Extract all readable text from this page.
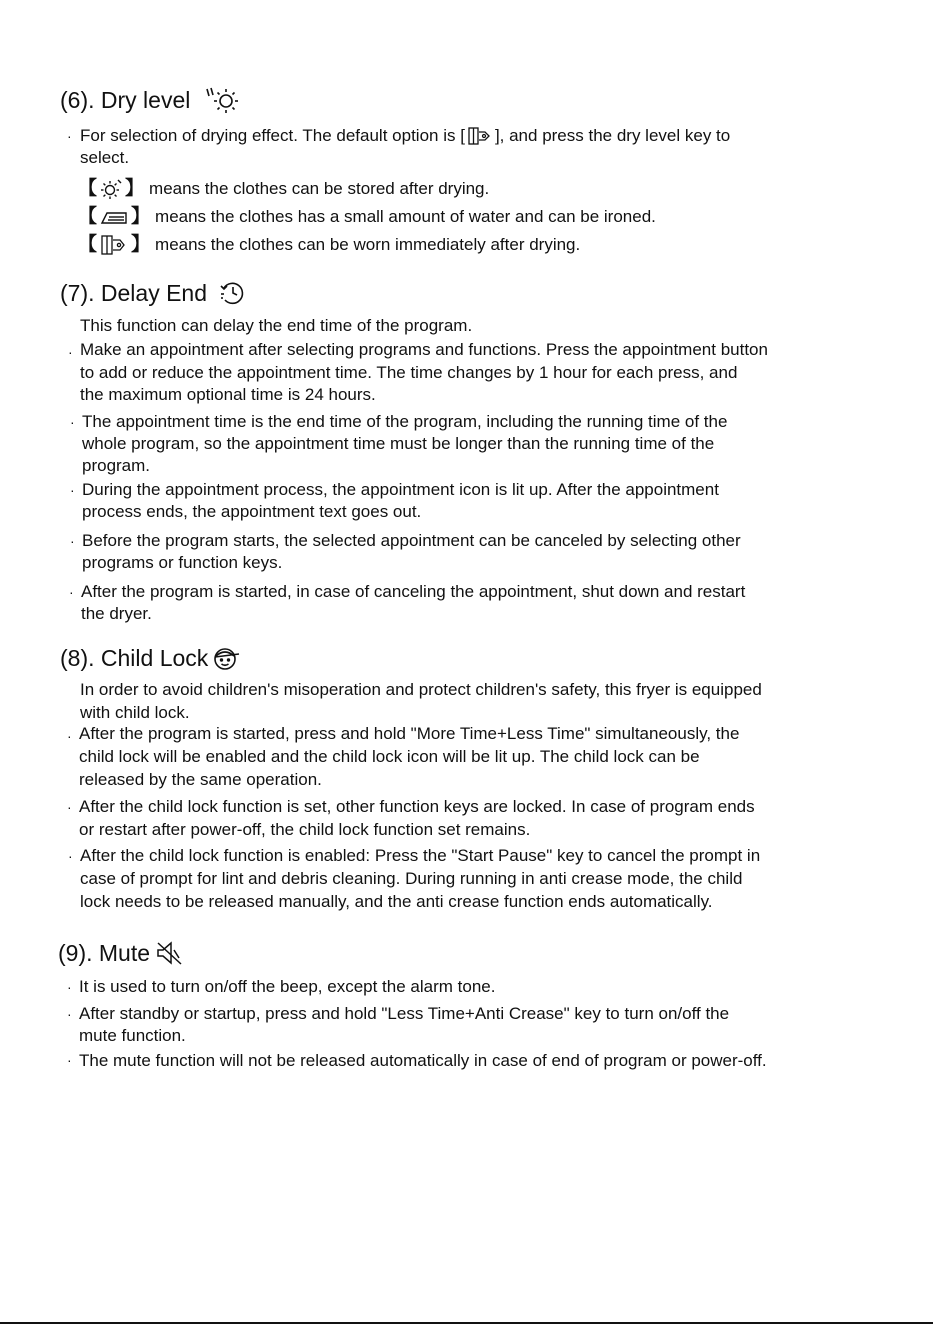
(6). Dry level
· For selection of drying effect. The default option is [ ], and press the dry level key to
select.
【 】 means the clothes can be stored after drying.
【 】 means the clothes has a small amount of water and can be ironed.
【 】 means the clothes can be worn immediately after drying.
(7). Delay End
This function can delay the end time of the program.
· Make an appointment after selecting programs and functions. Press the appointment button
to add or reduce the appointment time. The time changes by 1 hour for each press, and
the maximum optional time is 24 hours.
· The appointment time is the end time of the program, including the running time of the
whole program, so the appointment time must be longer than the running time of the
program.
· During the appointment process, the appointment icon is lit up. After the appointment
process ends, the appointment text goes out.
· Before the program starts, the selected appointment can be canceled by selecting other
programs or function keys.
· After the program is started, in case of canceling the appointment, shut down and restart
the dryer.
(8). Child Lock
In order to avoid children's misoperation and protect children's safety, this fryer is equipped
with child lock.
· After the program is started, press and hold "More Time+Less Time" simultaneously, the
child lock will be enabled and the child lock icon will be lit up. The child lock can be
released by the same operation.
· After the child lock function is set, other function keys are locked. In case of program ends
or restart after power-off, the child lock function set remains.
· After the child lock function is enabled: Press the "Start Pause" key to cancel the prompt in
case of prompt for lint and debris cleaning. During running in anti crease mode, the child
lock needs to be released manually, and the anti crease function ends automatically.
(9). Mute
· It is used to turn on/off the beep, except the alarm tone.
· After standby or startup, press and hold "Less Time+Anti Crease" key to turn on/off the
mute function.
· The mute function will not be released automatically in case of end of program or power-off.
